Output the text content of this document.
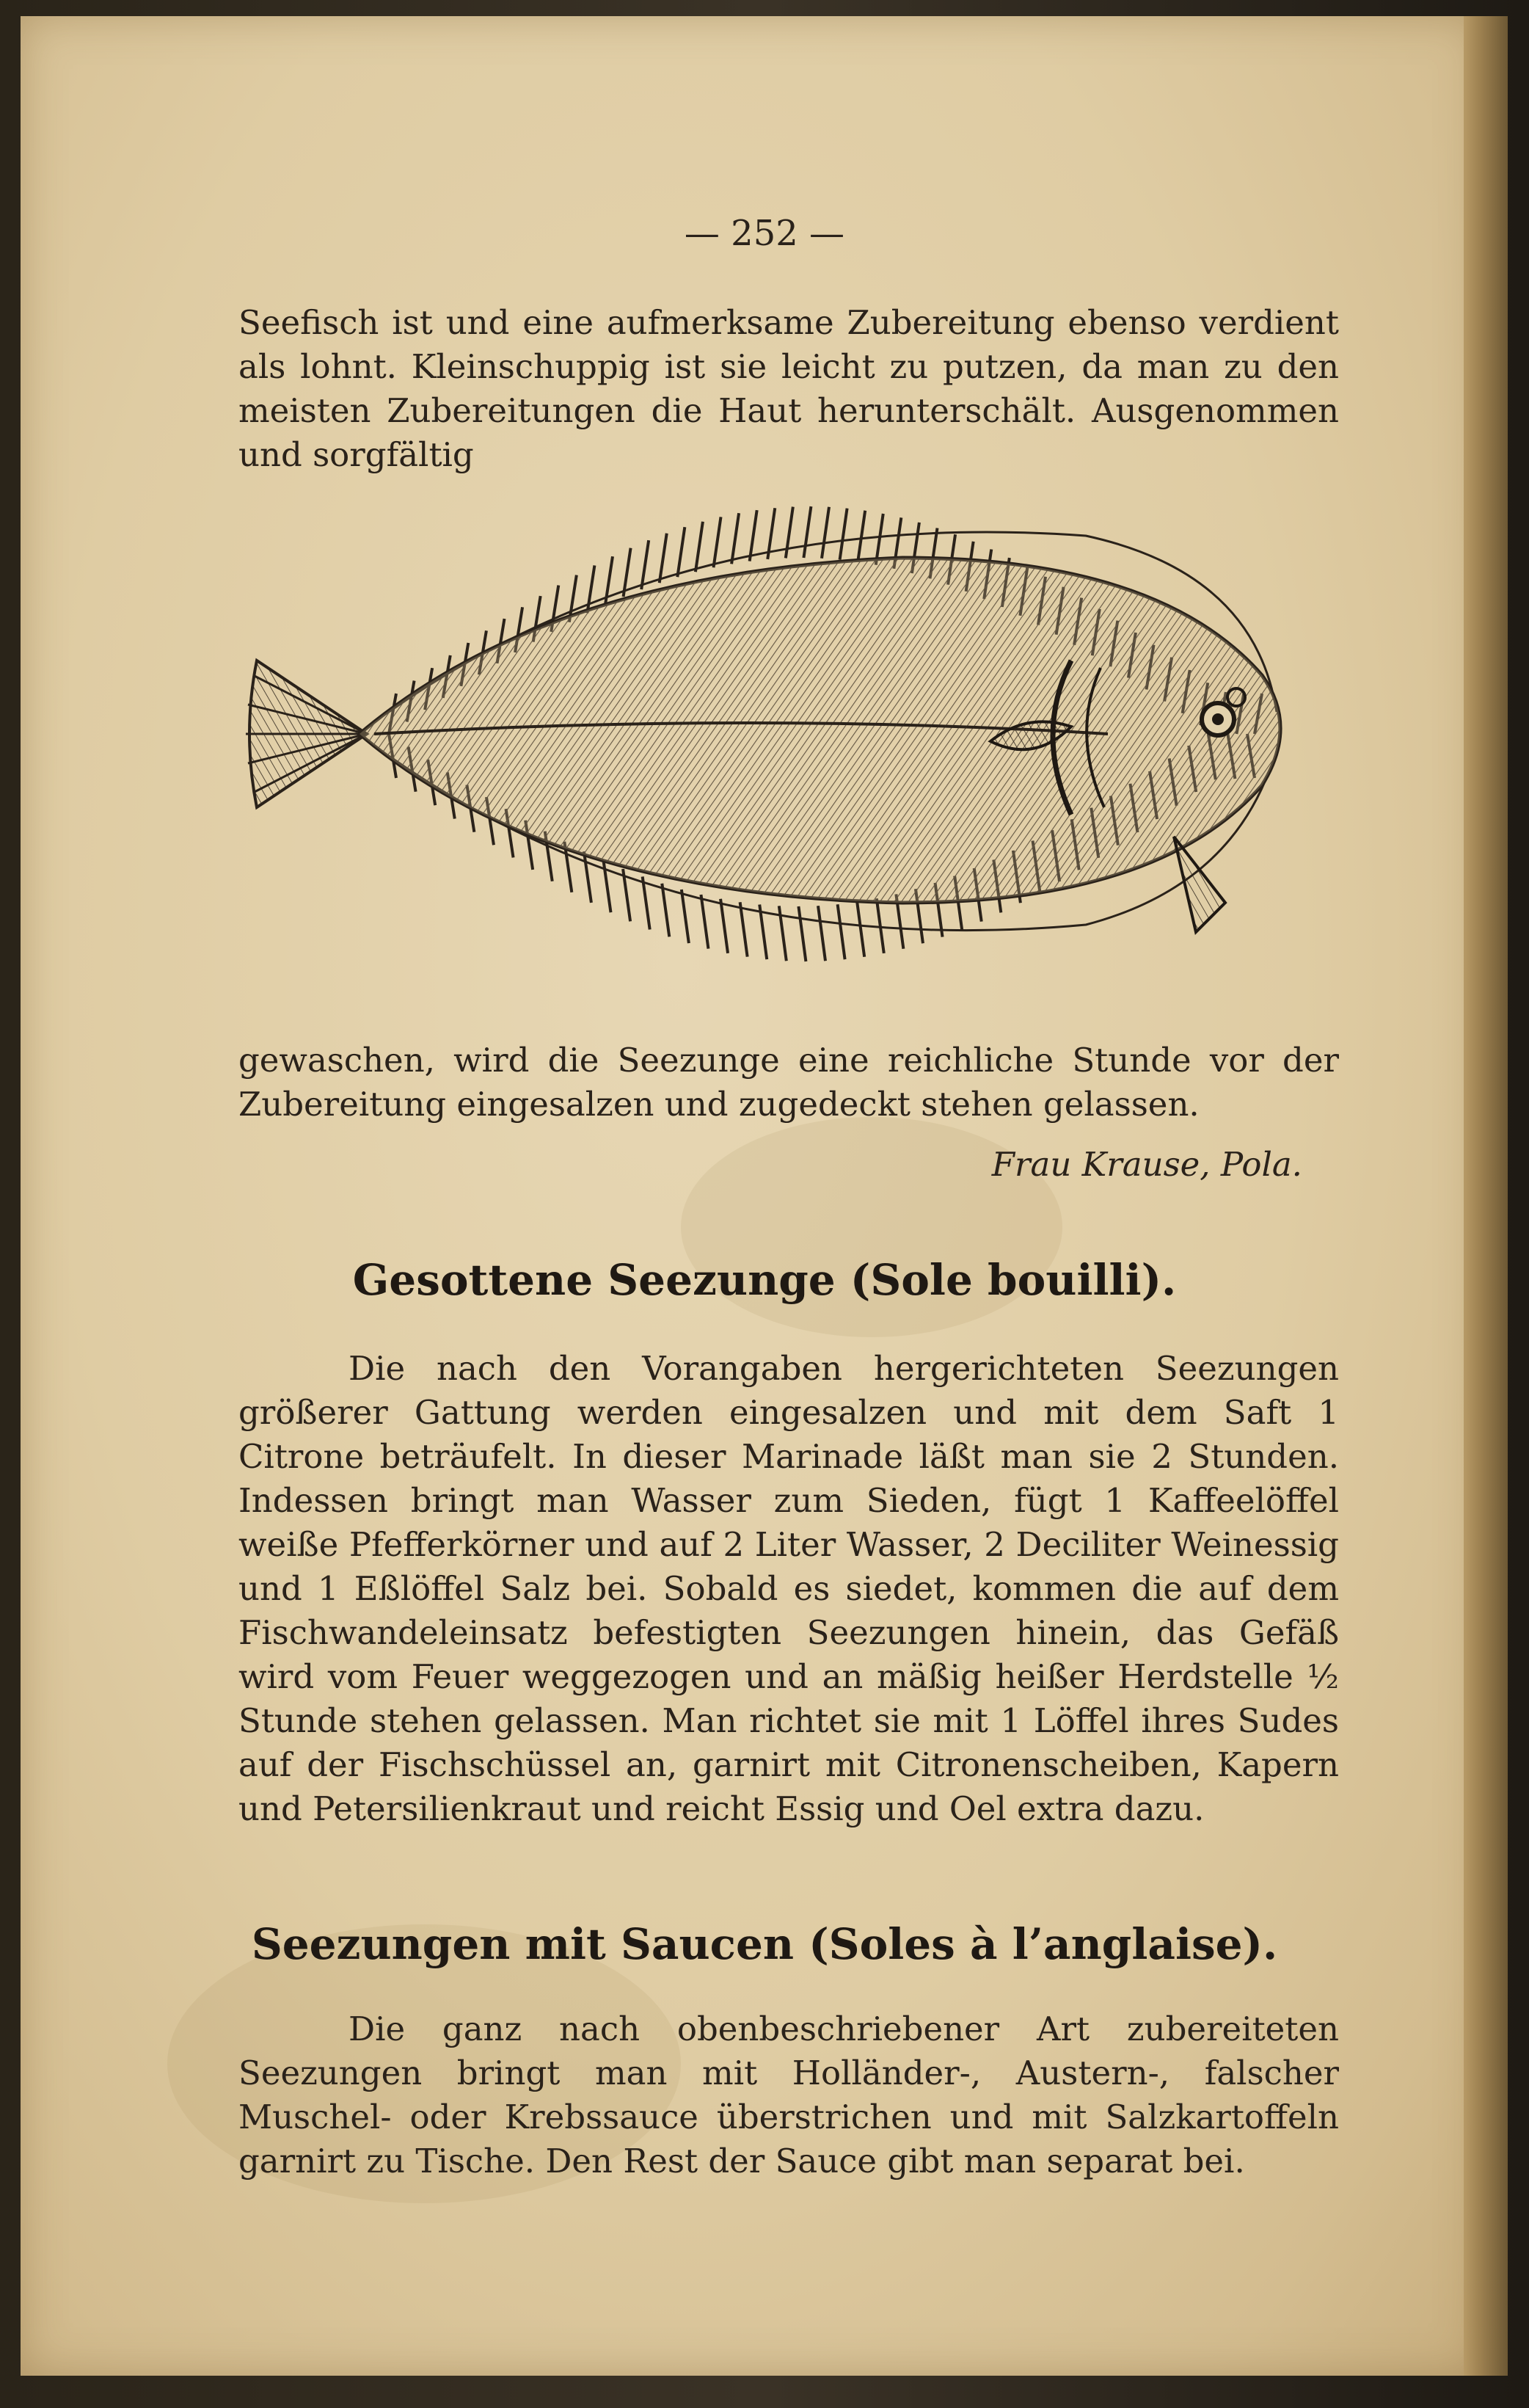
— 252 —
Seefisch ist und eine aufmerksame Zubereitung ebenso verdient als lohnt. Kleinschuppig ist sie leicht zu putzen, da man zu den meisten Zubereitungen die Haut herunterschält. Ausgenommen und sorgfältig
gewaschen, wird die Seezunge eine reichliche Stunde vor der Zubereitung eingesalzen und zugedeckt stehen gelassen.
Frau Krause, Pola.
Gesottene Seezunge (Sole bouilli).
Die nach den Vorangaben hergerichteten Seezungen größerer Gattung werden eingesalzen und mit dem Saft 1 Citrone beträufelt. In dieser Marinade läßt man sie 2 Stunden. Indessen bringt man Wasser zum Sieden, fügt 1 Kaffeelöffel weiße Pfefferkörner und auf 2 Liter Wasser, 2 Deciliter Weinessig und 1 Eßlöffel Salz bei. Sobald es siedet, kommen die auf dem Fischwandeleinsatz befestigten Seezungen hinein, das Gefäß wird vom Feuer weggezogen und an mäßig heißer Herdstelle ½ Stunde stehen gelassen. Man richtet sie mit 1 Löffel ihres Sudes auf der Fischschüssel an, garnirt mit Citronenscheiben, Kapern und Petersilienkraut und reicht Essig und Oel extra dazu.
Seezungen mit Saucen (Soles à l’anglaise).
Die ganz nach obenbeschriebener Art zubereiteten Seezungen bringt man mit Holländer-, Austern-, falscher Muschel- oder Krebssauce überstrichen und mit Salzkartoffeln garnirt zu Tische. Den Rest der Sauce gibt man separat bei.
